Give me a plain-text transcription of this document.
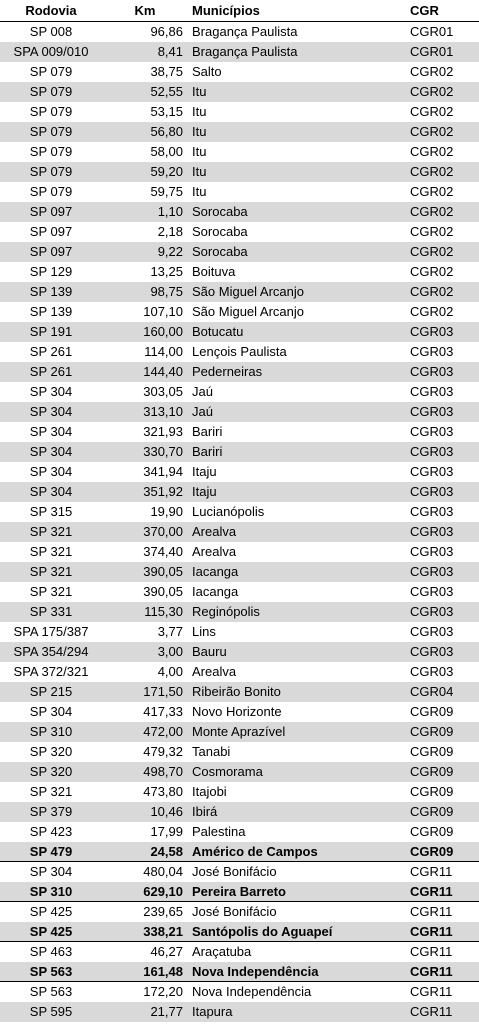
Rodovia	Km	Municípios	CGR
SP 008	96,86 Bragança Paulista	CGR01
SPA 009/010	8,41 Bragança Paulista	CGR01
SP 079	38,75 Salto	CGR02
SP 079	52,55 Itu	CGR02
SP 079	53,15 Itu	CGR02
SP 079	56,80 Itu	CGR02
SP 079	58,00 Itu	CGR02
SP 079	59,20 Itu	CGR02
SP 079	59,75 Itu	CGR02
SP 097	1,10 Sorocaba	CGR02
SP 097	2,18 Sorocaba	CGR02
SP 097	9,22 Sorocaba	CGR02
SP 129	13,25 Boituva	CGR02
SP 139	98,75 São Miguel Arcanjo	CGR02
SP 139	107,10 São Miguel Arcanjo	CGR02
SP 191	160,00 Botucatu	CGR03
SP 261	114,00 Lençois Paulista	CGR03
SP 261	144,40 Pederneiras	CGR03
SP 304	303,05 Jaú	CGR03
SP 304	313,10 Jaú	CGR03
SP 304	321,93 Bariri	CGR03
SP 304	330,70 Bariri	CGR03
SP 304	341,94 Itaju	CGR03
SP 304	351,92 Itaju	CGR03
SP 315	19,90 Lucianópolis	CGR03
SP 321	370,00 Arealva	CGR03
SP 321	374,40 Arealva	CGR03
SP 321	390,05 Iacanga	CGR03
SP 321	390,05 Iacanga	CGR03
SP 331	115,30 Reginópolis	CGR03
SPA 175/387	3,77 Lins	CGR03
SPA 354/294	3,00 Bauru	CGR03
SPA 372/321	4,00 Arealva	CGR03
SP 215	171,50 Ribeirão Bonito	CGR04
SP 304	417,33 Novo Horizonte	CGR09
SP 310	472,00 Monte Aprazível	CGR09
SP 320	479,32 Tanabi	CGR09
SP 320	498,70 Cosmorama	CGR09
SP 321	473,80 Itajobi	CGR09
SP 379	10,46 Ibirá	CGR09
SP 423	17,99 Palestina	CGR09
SP 479	24,58 Américo de Campos	CGR09
SP 304	480,04 José Bonifácio	CGR11
SP 310	629,10 Pereira Barreto	CGR11
SP 425	239,65 José Bonifácio	CGR11
SP 425	338,21 Santópolis do Aguapeí	CGR11
SP 463	46,27 Araçatuba	CGR11
SP 563	161,48 Nova Independência	CGR11
SP 563	172,20 Nova Independência	CGR11
SP 595	21,77 Itapura	CGR11
